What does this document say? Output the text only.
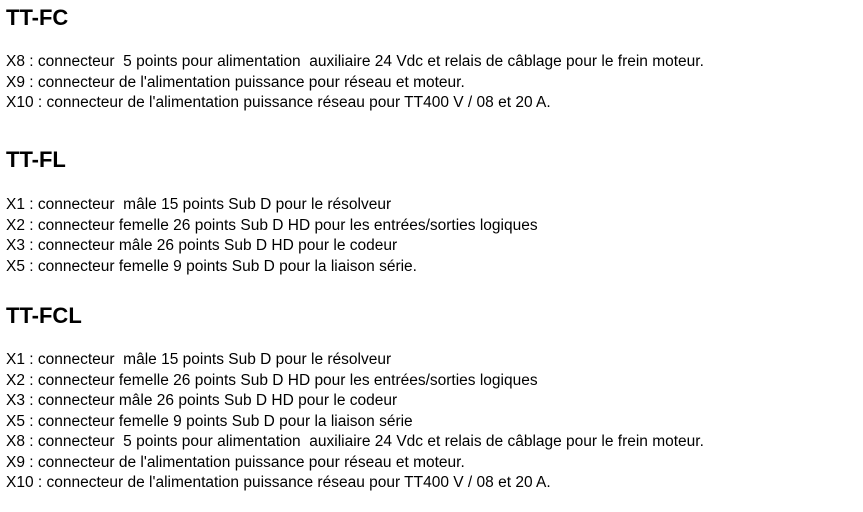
TT-FC

X8 : connecteur  5 points pour alimentation  auxiliaire 24 Vdc et relais de câblage pour le frein moteur.

X9 : connecteur de l'alimentation puissance pour réseau et moteur.

X10 : connecteur de l'alimentation puissance réseau pour TT400 V / 08 et 20 A.

TT-FL

X1 : connecteur  mâle 15 points Sub D pour le résolveur

X2 : connecteur femelle 26 points Sub D HD pour les entrées/sorties logiques

X3 : connecteur mâle 26 points Sub D HD pour le codeur

X5 : connecteur femelle 9 points Sub D pour la liaison série.

TT-FCL

X1 : connecteur  mâle 15 points Sub D pour le résolveur

X2 : connecteur femelle 26 points Sub D HD pour les entrées/sorties logiques

X3 : connecteur mâle 26 points Sub D HD pour le codeur

X5 : connecteur femelle 9 points Sub D pour la liaison série

X8 : connecteur  5 points pour alimentation  auxiliaire 24 Vdc et relais de câblage pour le frein moteur.

X9 : connecteur de l'alimentation puissance pour réseau et moteur.

X10 : connecteur de l'alimentation puissance réseau pour TT400 V / 08 et 20 A.
